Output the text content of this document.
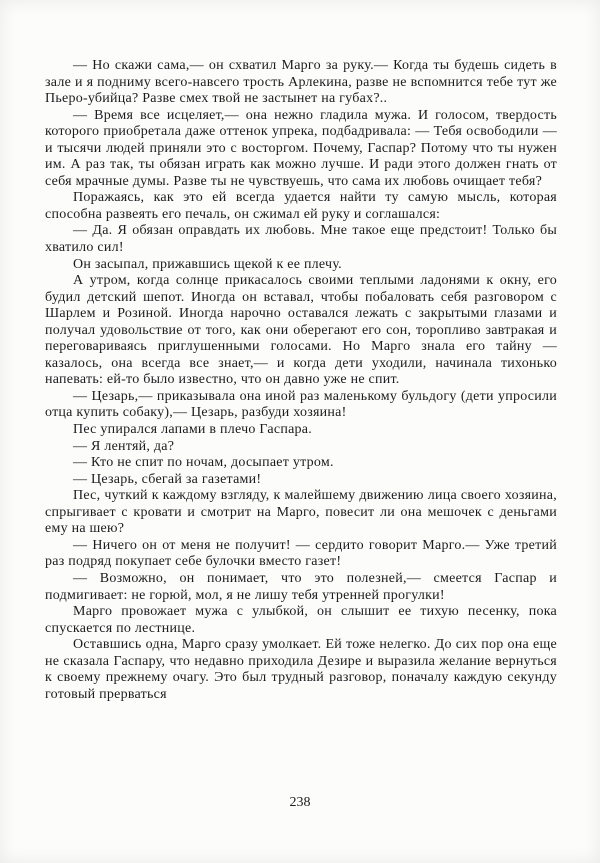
— Но скажи сама,— он схватил Марго за руку.— Когда ты будешь сидеть в зале и я подниму всего-навсего трость Арлекина, разве не вспомнится тебе тут же Пьеро-убийца? Разве смех твой не застынет на губах?..

— Время все исцеляет,— она нежно гладила мужа. И голосом, твердость которого приобретала даже оттенок упрека, подбадривала: — Тебя освободили — и тысячи людей приняли это с восторгом. Почему, Гаспар? Потому что ты нужен им. А раз так, ты обязан играть как можно лучше. И ради этого должен гнать от себя мрачные думы. Разве ты не чувствуешь, что сама их любовь очищает тебя?

Поражаясь, как это ей всегда удается найти ту самую мысль, которая способна развеять его печаль, он сжимал ей руку и соглашался:

— Да. Я обязан оправдать их любовь. Мне такое еще предстоит! Только бы хватило сил!

Он засыпал, прижавшись щекой к ее плечу.

А утром, когда солнце прикасалось своими теплыми ладонями к окну, его будил детский шепот. Иногда он вставал, чтобы побаловать себя разговором с Шарлем и Розиной. Иногда нарочно оставался лежать с закрытыми глазами и получал удовольствие от того, как они оберегают его сон, торопливо завтракая и переговариваясь приглушенными голосами. Но Марго знала его тайну — казалось, она всегда все знает,— и когда дети уходили, начинала тихонько напевать: ей-то было известно, что он давно уже не спит.

— Цезарь,— приказывала она иной раз маленькому бульдогу (дети упросили отца купить собаку),— Цезарь, разбуди хозяина!

Пес упирался лапами в плечо Гаспара.

— Я лентяй, да?

— Кто не спит по ночам, досыпает утром.

— Цезарь, сбегай за газетами!

Пес, чуткий к каждому взгляду, к малейшему движению лица своего хозяина, спрыгивает с кровати и смотрит на Марго, повесит ли она мешочек с деньгами ему на шею?

— Ничего он от меня не получит! — сердито говорит Марго.— Уже третий раз подряд покупает себе булочки вместо газет!

— Возможно, он понимает, что это полезней,— смеется Гаспар и подмигивает: не горюй, мол, я не лишу тебя утренней прогулки!

Марго провожает мужа с улыбкой, он слышит ее тихую песенку, пока спускается по лестнице.

Оставшись одна, Марго сразу умолкает. Ей тоже нелегко. До сих пор она еще не сказала Гаспару, что недавно приходила Дезире и выразила желание вернуться к своему прежнему очагу. Это был трудный разговор, поначалу каждую секунду готовый прерваться

238
